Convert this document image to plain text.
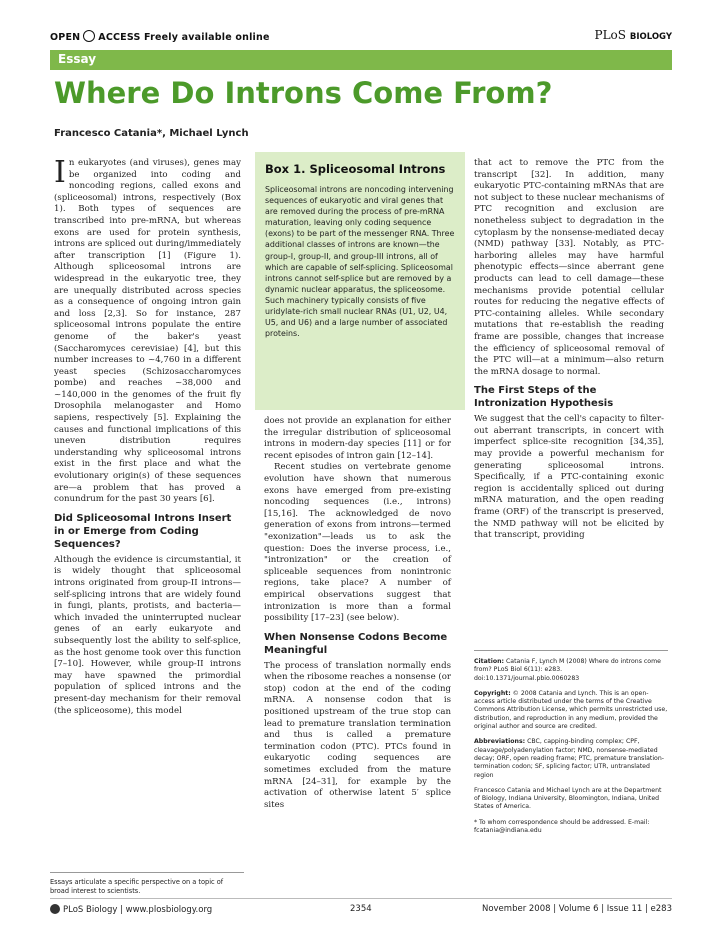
OPEN ACCESS Freely available online	PLoS BIOLOGY
Essay
Where Do Introns Come From?
Francesco Catania*, Michael Lynch

In eukaryotes (and viruses), genes may be organized into coding and noncoding regions, called exons and (spliceosomal) introns, respectively (Box 1). Both types of sequences are transcribed into pre-mRNA, but whereas exons are used for protein synthesis, introns are spliced out during/immediately after transcription [1] (Figure 1). Although spliceosomal introns are widespread in the eukaryotic tree, they are unequally distributed across species as a consequence of ongoing intron gain and loss [2,3]. So for instance, 287 spliceosomal introns populate the entire genome of the baker's yeast (Saccharomyces cerevisiae) [4], but this number increases to ~4,760 in a different yeast species (Schizosaccharomyces pombe) and reaches ~38,000 and ~140,000 in the genomes of the fruit fly Drosophila melanogaster and Homo sapiens, respectively [5]. Explaining the causes and functional implications of this uneven distribution requires understanding why spliceosomal introns exist in the first place and what the evolutionary origin(s) of these sequences are—a problem that has proved a conundrum for the past 30 years [6].

Did Spliceosomal Introns Insert in or Emerge from Coding Sequences?

Although the evidence is circumstantial, it is widely thought that spliceosomal introns originated from group-II introns—self-splicing introns that are widely found in fungi, plants, protists, and bacteria—which invaded the uninterrupted nuclear genes of an early eukaryote and subsequently lost the ability to self-splice, as the host genome took over this function [7–10]. However, while group-II introns may have spawned the primordial population of spliced introns and the present-day mechanism for their removal (the spliceosome), this model

Box 1. Spliceosomal Introns
Spliceosomal introns are noncoding intervening sequences of eukaryotic and viral genes that are removed during the process of pre-mRNA maturation, leaving only coding sequence (exons) to be part of the messenger RNA. Three additional classes of introns are known—the group-I, group-II, and group-III introns, all of which are capable of self-splicing. Spliceosomal introns cannot self-splice but are removed by a dynamic nuclear apparatus, the spliceosome. Such machinery typically consists of five uridylate-rich small nuclear RNAs (U1, U2, U4, U5, and U6) and a large number of associated proteins.

does not provide an explanation for either the irregular distribution of spliceosomal introns in modern-day species [11] or for recent episodes of intron gain [12–14].

Recent studies on vertebrate genome evolution have shown that numerous exons have emerged from pre-existing noncoding sequences (i.e., introns) [15,16]. The acknowledged de novo generation of exons from introns—termed "exonization"—leads us to ask the question: Does the inverse process, i.e., "intronization" or the creation of spliceable sequences from nonintronic regions, take place? A number of empirical observations suggest that intronization is more than a formal possibility [17–23] (see below).

When Nonsense Codons Become Meaningful

The process of translation normally ends when the ribosome reaches a nonsense (or stop) codon at the end of the coding mRNA. A nonsense codon that is positioned upstream of the true stop can lead to premature translation termination and thus is called a premature termination codon (PTC). PTCs found in eukaryotic coding sequences are sometimes excluded from the mature mRNA [24–31], for example by the activation of otherwise latent 5′ splice sites

that act to remove the PTC from the transcript [32]. In addition, many eukaryotic PTC-containing mRNAs that are not subject to these nuclear mechanisms of PTC recognition and exclusion are nonetheless subject to degradation in the cytoplasm by the nonsense-mediated decay (NMD) pathway [33]. Notably, as PTC-harboring alleles may have harmful phenotypic effects—since aberrant gene products can lead to cell damage—these mechanisms provide potential cellular routes for reducing the negative effects of PTC-containing alleles. While secondary mutations that re-establish the reading frame are possible, changes that increase the efficiency of spliceosomal removal of the PTC will—at a minimum—also return the mRNA dosage to normal.

The First Steps of the Intronization Hypothesis

We suggest that the cell's capacity to filter-out aberrant transcripts, in concert with imperfect splice-site recognition [34,35], may provide a powerful mechanism for generating spliceosomal introns. Specifically, if a PTC-containing exonic region is accidentally spliced out during mRNA maturation, and the open reading frame (ORF) of the transcript is preserved, the NMD pathway will not be elicited by that transcript, providing

Citation: Catania F, Lynch M (2008) Where do introns come from? PLoS Biol 6(11): e283. doi:10.1371/journal.pbio.0060283
Copyright: © 2008 Catania and Lynch. This is an open-access article distributed under the terms of the Creative Commons Attribution License, which permits unrestricted use, distribution, and reproduction in any medium, provided the original author and source are credited.
Abbreviations: CBC, capping-binding complex; CPF, cleavage/polyadenylation factor; NMD, nonsense-mediated decay; ORF, open reading frame; PTC, premature translation-termination codon; SF, splicing factor; UTR, untranslated region
Francesco Catania and Michael Lynch are at the Department of Biology, Indiana University, Bloomington, Indiana, United States of America.
* To whom correspondence should be addressed. E-mail: fcatania@indiana.edu
Essays articulate a specific perspective on a topic of broad interest to scientists.
PLoS Biology | www.plosbiology.org	2354	November 2008 | Volume 6 | Issue 11 | e283
